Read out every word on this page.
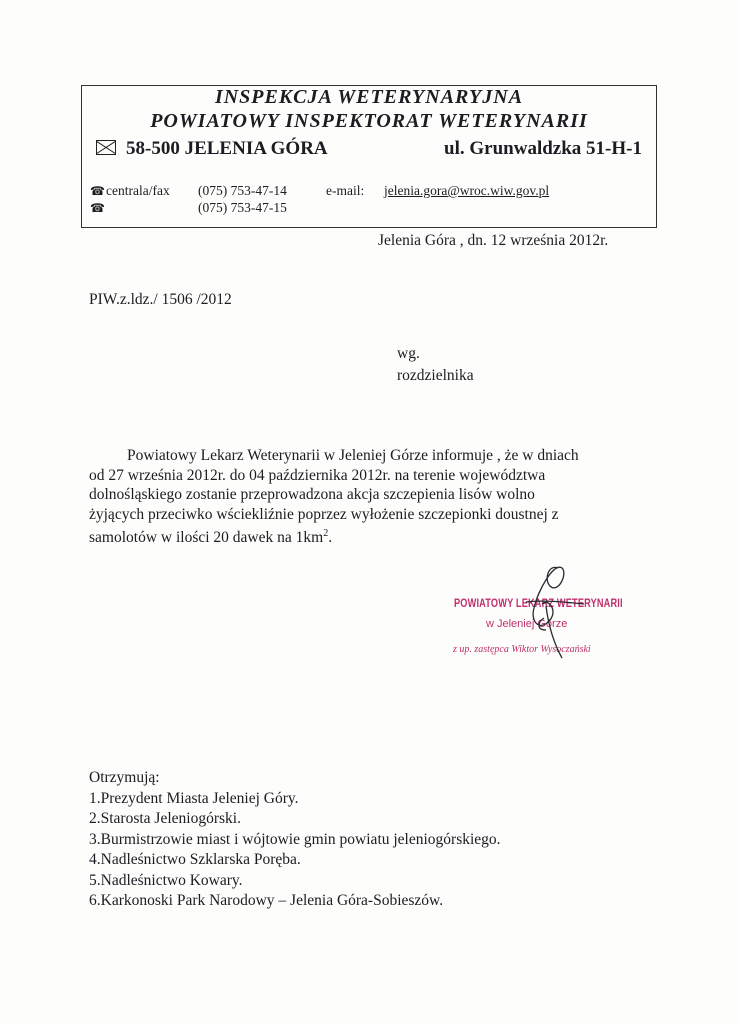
INSPEKCJA WETERYNARYJNA
POWIATOWY INSPEKTORAT WETERYNARII
58-500 JELENIA GÓRA	ul. Grunwaldzka 51-H-1
☎ centrala/fax (075) 753-47-14	e-mail: jelenia.gora@wroc.wiw.gov.pl
☎	(075) 753-47-15
Jelenia Góra , dn. 12 września 2012r.
PIW.z.ldz./ 1506 /2012
wg.
rozdzielnika

Powiatowy Lekarz Weterynarii w Jeleniej Górze informuje , że w dniach

od 27 września 2012r. do 04 października 2012r. na terenie województwa

dolnośląskiego zostanie przeprowadzona akcja szczepienia lisów wolno

żyjących przeciwko wściekliźnie poprzez wyłożenie szczepionki doustnej z

samolotów w ilości 20 dawek na $1km^2$.

POWIATOWY LEKARZ WETERYNARII
w Jeleniej Górze
z up. zastępca Wiktor Wysoczański
Otrzymują:
1.Prezydent Miasta Jeleniej Góry.
2.Starosta Jeleniogórski.
3.Burmistrzowie miast i wójtowie gmin powiatu jeleniogórskiego.
4.Nadleśnictwo Szklarska Poręba.
5.Nadleśnictwo Kowary.
6.Karkonoski Park Narodowy – Jelenia Góra-Sobieszów.
